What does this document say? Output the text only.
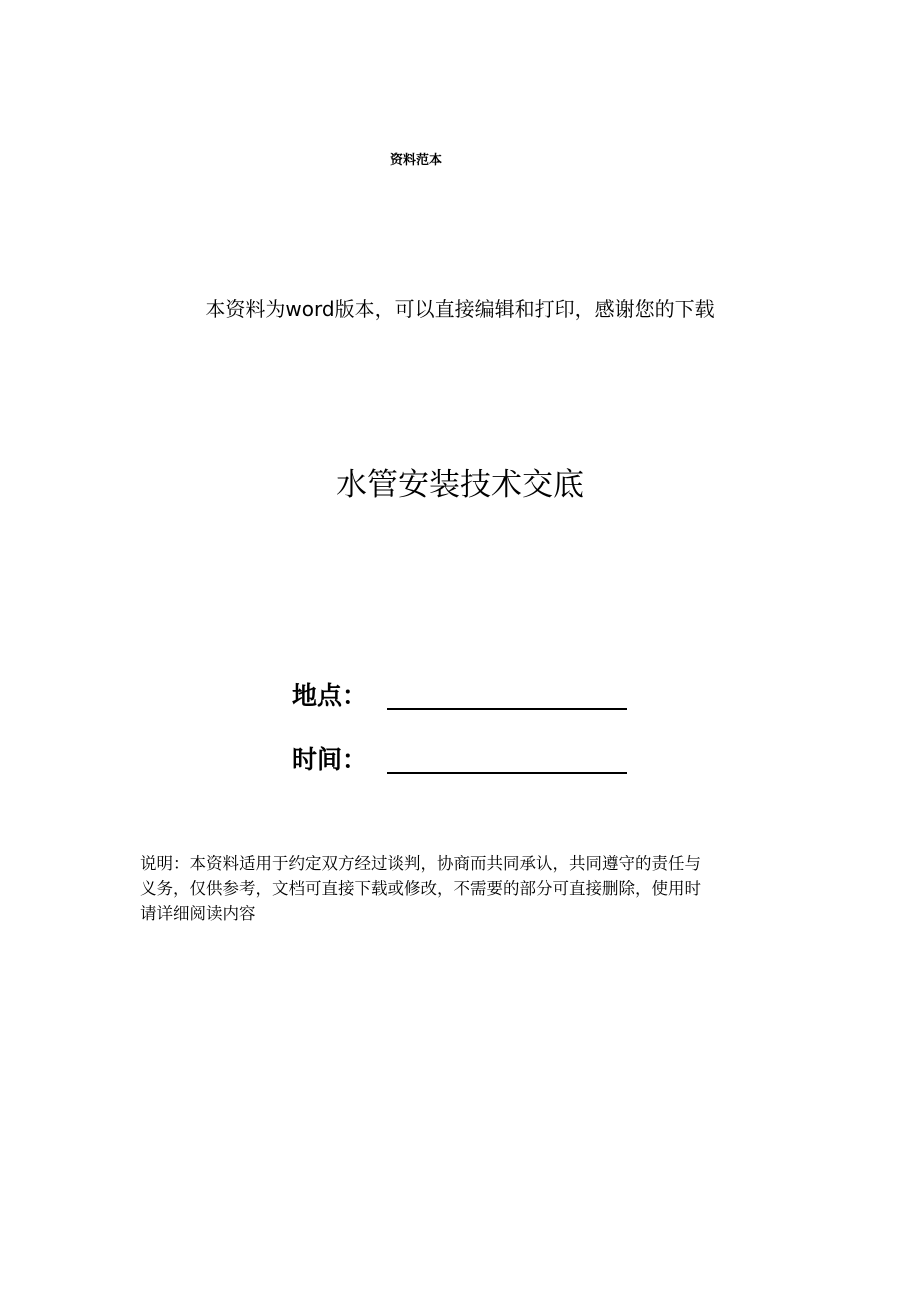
资料范本
本资料为word版本，可以直接编辑和打印，感谢您的下载
水管安装技术交底
地点：
时间：
说明：本资料适用于约定双方经过谈判，协商而共同承认，共同遵守的责任与
义务，仅供参考，文档可直接下载或修改，不需要的部分可直接删除，使用时
请详细阅读内容
